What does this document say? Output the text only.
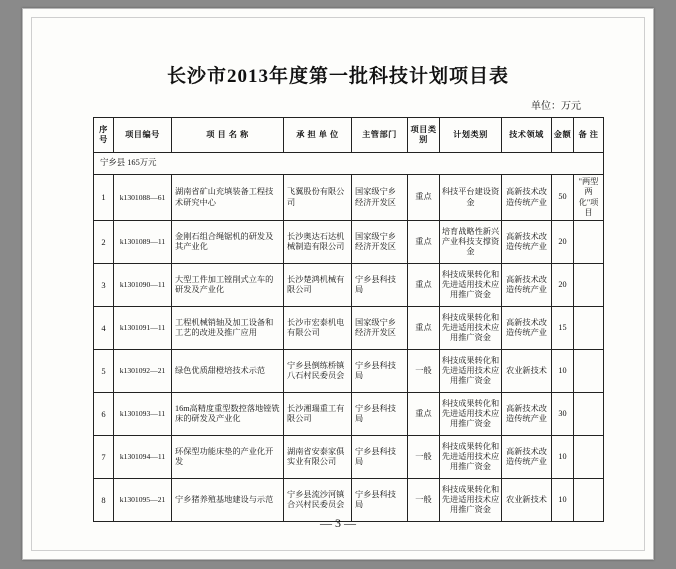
长沙市2013年度第一批科技计划项目表
单位：万元
序号	项目编号	项 目 名 称	承 担 单 位	主管部门	项目类别	计划类别	技术领域	金额	备 注
宁乡县 165万元									
1	k1301088—61	湖南省矿山充填装备工程技术研究中心	飞翼股份有限公司	国家级宁乡经济开发区	重点	科技平台建设资金	高新技术改造传统产业	50	"两型两化"项目
2	k1301089—11	金刚石组合绳锯机的研发及其产业化	长沙奥达石达机械制造有限公司	国家级宁乡经济开发区	重点	培育战略性新兴产业科技支撑资金	高新技术改造传统产业	20	
3	k1301090—11	大型工件加工镗削式立车的研发及产业化	长沙楚鸿机械有限公司	宁乡县科技局	重点	科技成果转化和先进适用技术应用推广资金	高新技术改造传统产业	20	
4	k1301091—11	工程机械销轴及加工设备和工艺的改进及推广应用	长沙市宏泰机电有限公司	国家级宁乡经济开发区	重点	科技成果转化和先进适用技术应用推广资金	高新技术改造传统产业	15	
5	k1301092—21	绿色优质甜橙培技术示范	宁乡县倒练桥镇八石村民委员会	宁乡县科技局	一般	科技成果转化和先进适用技术应用推广资金	农业新技术	10	
6	k1301093—11	16m高精度重型数控落地镗铣床的研发及产业化	长沙湘瑞重工有限公司	宁乡县科技局	重点	科技成果转化和先进适用技术应用推广资金	高新技术改造传统产业	30	
7	k1301094—11	环保型功能床垫的产业化开发	湖南省安泰家俱实业有限公司	宁乡县科技局	一般	科技成果转化和先进适用技术应用推广资金	高新技术改造传统产业	10	
8	k1301095—21	宁乡猪养殖基地建设与示范	宁乡县流沙河镇合兴村民委员会	宁乡县科技局	一般	科技成果转化和先进适用技术应用推广资金	农业新技术	10	
— 3 —
